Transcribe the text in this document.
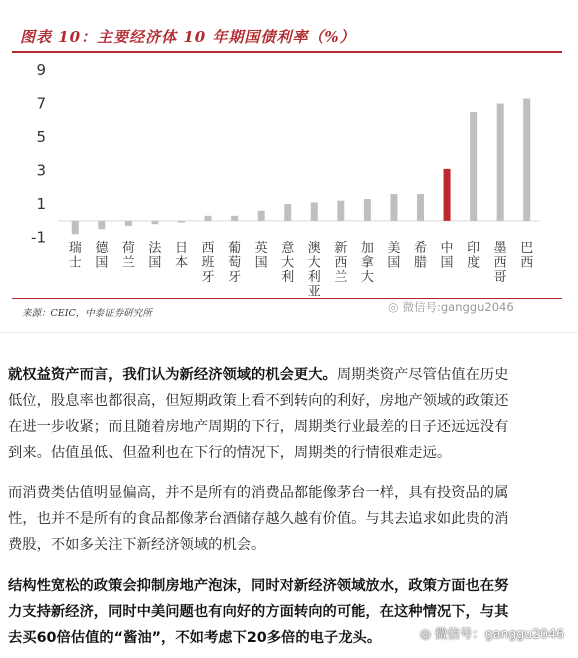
图表 10：主要经济体 10 年期国债利率（%）
-1
1
3
5
7
9
瑞
士
德
国
荷
兰
法
国
日
本
西
班
牙
葡
萄
牙
英
国
意
大
利
澳
大
利
亚
新
西
兰
加
拿
大
美
国
希
腊
中
国
印
度
墨
西
哥
巴
西
来源：CEIC，中泰证券研究所	◎ 微信号:ganggu2046
就权益资产而言，我们认为新经济领域的机会更大。周期类资产尽管估值在历史
低位，股息率也都很高，但短期政策上看不到转向的利好，房地产领域的政策还
在进一步收紧；而且随着房地产周期的下行，周期类行业最差的日子还远远没有
到来。估值虽低、但盈利也在下行的情况下，周期类的行情很难走远。
而消费类估值明显偏高，并不是所有的消费品都能像茅台一样，具有投资品的属
性，也并不是所有的食品都像茅台酒储存越久越有价值。与其去追求如此贵的消
费股，不如多关注下新经济领域的机会。
结构性宽松的政策会抑制房地产泡沫，同时对新经济领域放水，政策方面也在努
力支持新经济，同时中美问题也有向好的方面转向的可能，在这种情况下，与其
去买60倍估值的“酱油”，不如考虑下20多倍的电子龙头。	◎ 微信号：ganggu2046
